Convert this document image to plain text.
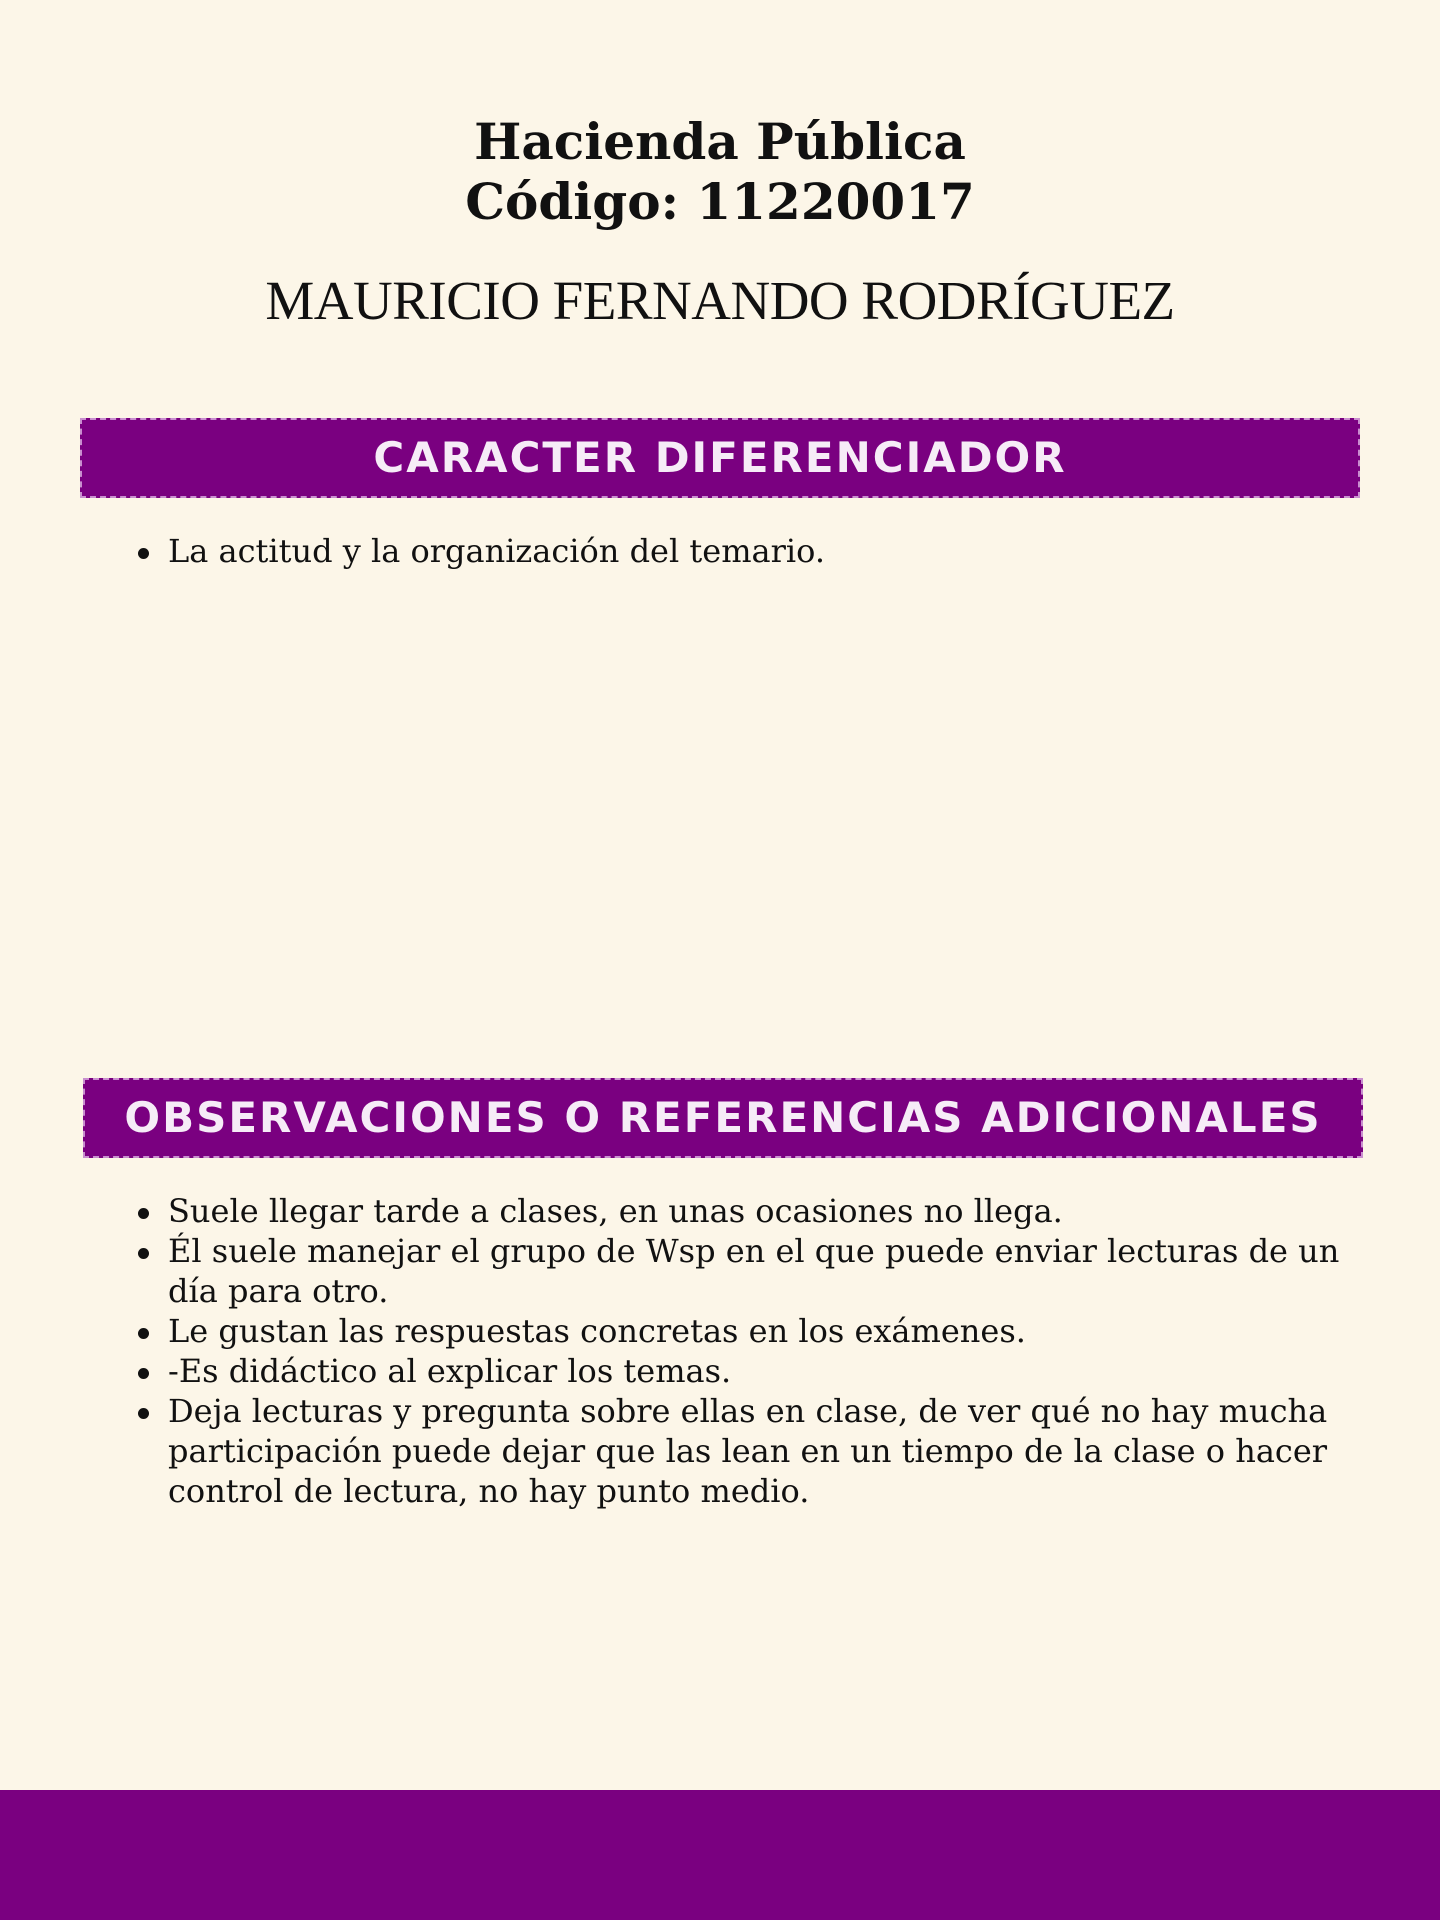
Hacienda Pública
Código: 11220017
MAURICIO FERNANDO RODRÍGUEZ
CARACTER DIFERENCIADOR
La actitud y la organización del temario.
OBSERVACIONES O REFERENCIAS ADICIONALES
Suele llegar tarde a clases, en unas ocasiones no llega.
Él suele manejar el grupo de Wsp en el que puede enviar lecturas de un día para otro.
Le gustan las respuestas concretas en los exámenes.
-Es didáctico al explicar los temas.
Deja lecturas y pregunta sobre ellas en clase, de ver qué no hay mucha participación puede dejar que las lean en un tiempo de la clase o hacer control de lectura, no hay punto medio.
